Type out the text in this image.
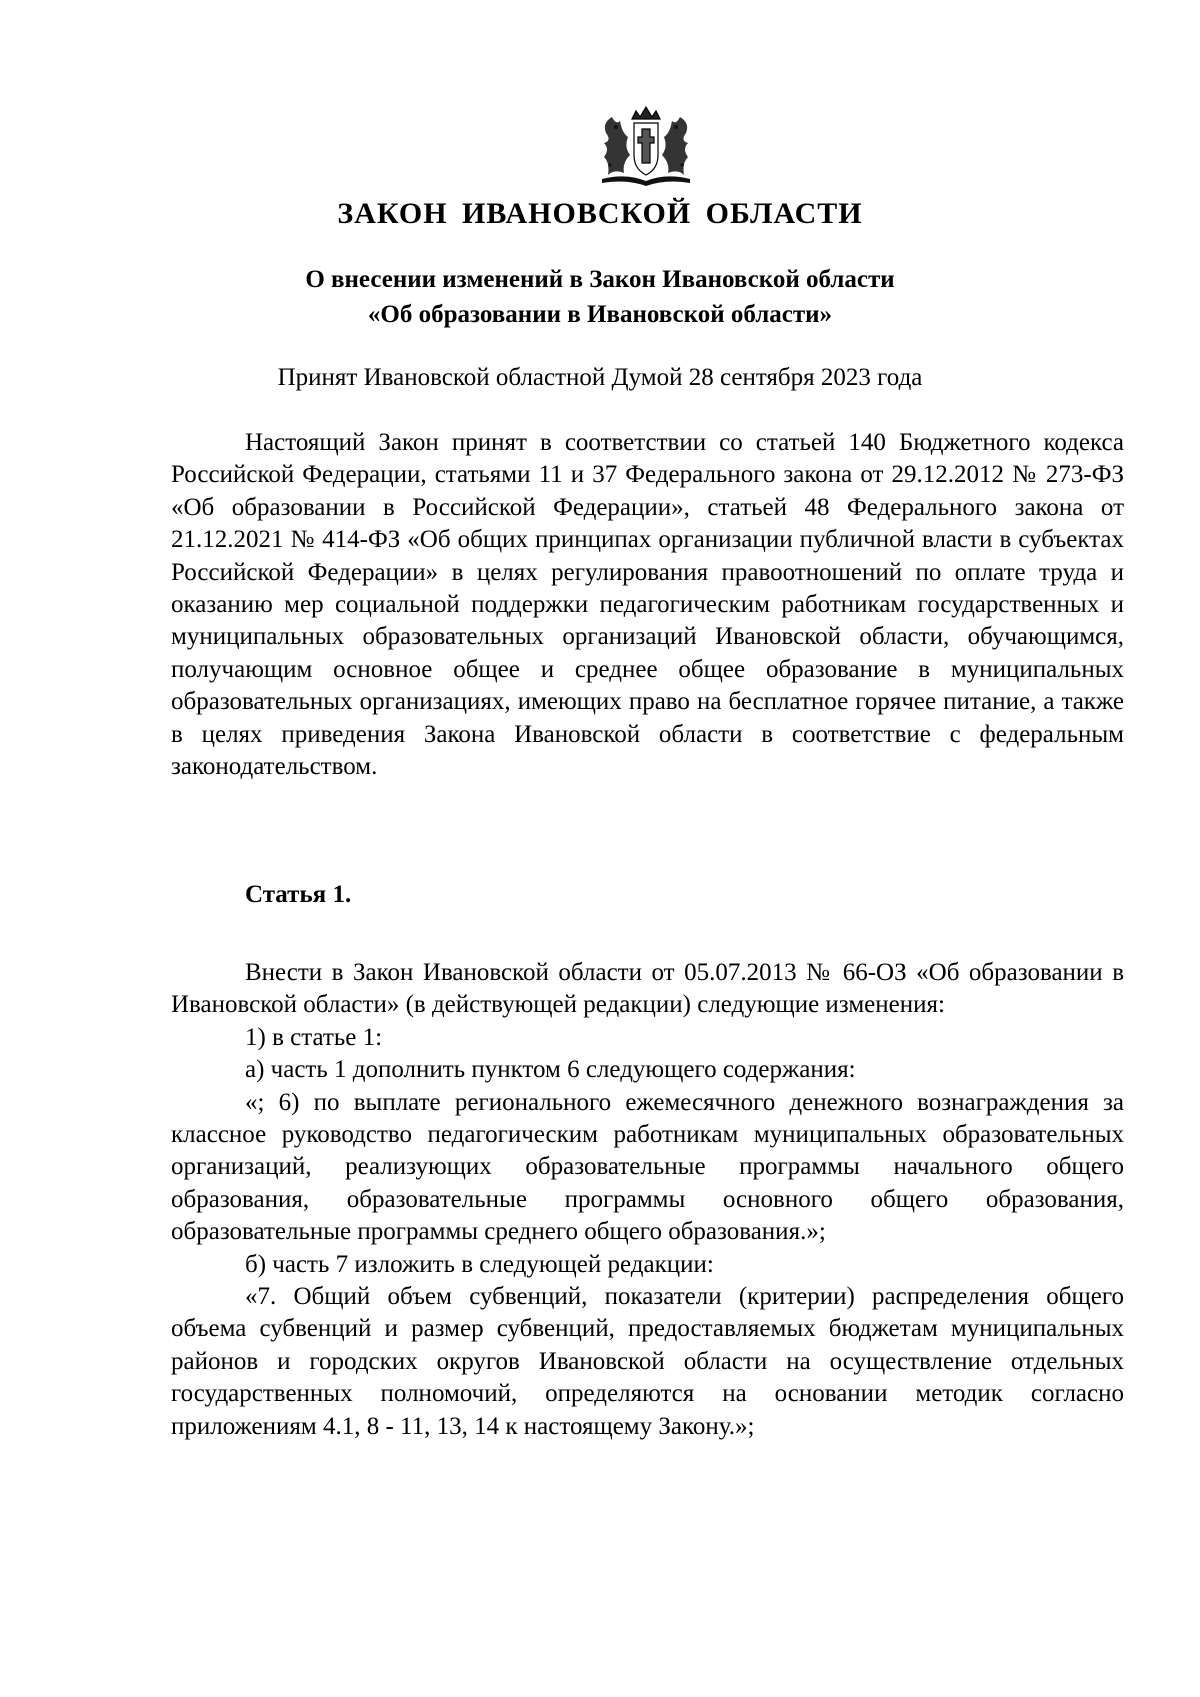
ЗАКОН ИВАНОВСКОЙ ОБЛАСТИ

О внесении изменений в Закон Ивановской области
«Об образовании в Ивановской области»

Принят Ивановской областной Думой 28 сентября 2023 года

Настоящий Закон принят в соответствии со статьей 140 Бюджетного кодекса Российской Федерации, статьями 11 и 37 Федерального закона от 29.12.2012 № 273-ФЗ «Об образовании в Российской Федерации», статьей 48 Федерального закона от 21.12.2021 № 414-ФЗ «Об общих принципах организации публичной власти в субъектах Российской Федерации» в целях регулирования правоотношений по оплате труда и оказанию мер социальной поддержки педагогическим работникам государственных и муниципальных образовательных организаций Ивановской области, обучающимся, получающим основное общее и среднее общее образование в муниципальных образовательных организациях, имеющих право на бесплатное горячее питание, а также в целях приведения Закона Ивановской области в соответствие с федеральным законодательством.

Статья 1.

Внести в Закон Ивановской области от 05.07.2013 № 66-ОЗ «Об образовании в Ивановской области» (в действующей редакции) следующие изменения:
1) в статье 1:
а) часть 1 дополнить пунктом 6 следующего содержания:
«; 6) по выплате регионального ежемесячного денежного вознаграждения за классное руководство педагогическим работникам муниципальных образовательных организаций, реализующих образовательные программы начального общего образования, образовательные программы основного общего образования, образовательные программы среднего общего образования.»;
б) часть 7 изложить в следующей редакции:
«7. Общий объем субвенций, показатели (критерии) распределения общего объема субвенций и размер субвенций, предоставляемых бюджетам муниципальных районов и городских округов Ивановской области на осуществление отдельных государственных полномочий, определяются на основании методик согласно приложениям 4.1, 8 - 11, 13, 14 к настоящему Закону.»;
